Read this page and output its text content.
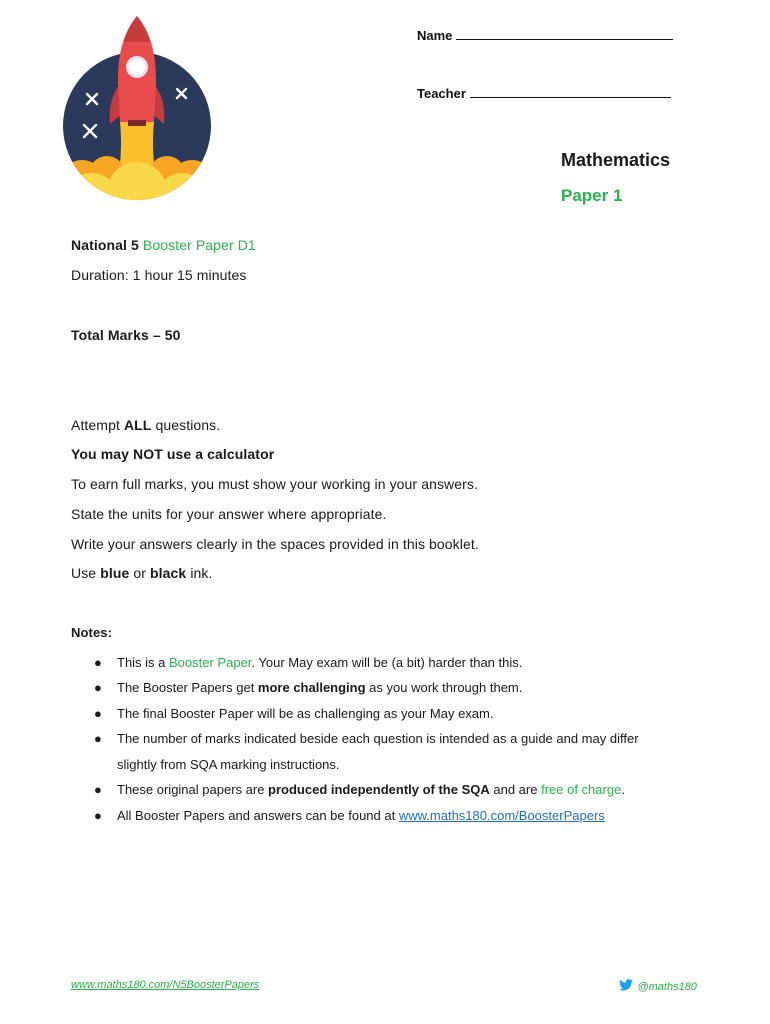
Name
Teacher
Mathematics
Paper 1
National 5 Booster Paper D1
Duration: 1 hour 15 minutes
Total Marks – 50
Attempt ALL questions.
You may NOT use a calculator
To earn full marks, you must show your working in your answers.
State the units for your answer where appropriate.
Write your answers clearly in the spaces provided in this booklet.
Use blue or black ink.
Notes:
● This is a Booster Paper. Your May exam will be (a bit) harder than this.
● The Booster Papers get more challenging as you work through them.
● The final Booster Paper will be as challenging as your May exam.
● The number of marks indicated beside each question is intended as a guide and may differ
slightly from SQA marking instructions.
● These original papers are produced independently of the SQA and are free of charge.
● All Booster Papers and answers can be found at www.maths180.com/BoosterPapers
www.maths180.com/N5BoosterPapers	@maths180
